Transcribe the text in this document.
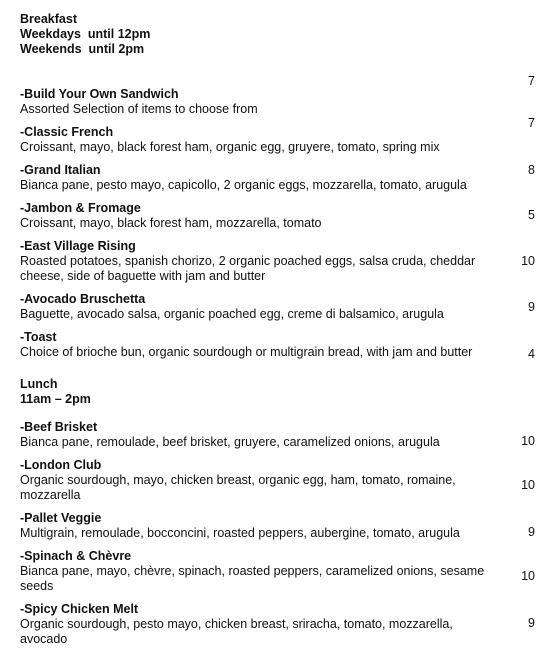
Breakfast
Weekdays  until 12pm
Weekends  until 2pm
-Build Your Own Sandwich
Assorted Selection of items to choose from
7
-Classic French
Croissant, mayo, black forest ham, organic egg, gruyere, tomato, spring mix
7
-Grand Italian
Bianca pane, pesto mayo, capicollo, 2 organic eggs, mozzarella, tomato, arugula
8
-Jambon & Fromage
Croissant, mayo, black forest ham, mozzarella, tomato
5
-East Village Rising
Roasted potatoes, spanish chorizo, 2 organic poached eggs, salsa cruda, cheddar cheese, side of baguette with jam and butter
10
-Avocado Bruschetta
Baguette, avocado salsa, organic poached egg, creme di balsamico, arugula	9
-Toast
Choice of brioche bun, organic sourdough or multigrain bread, with jam and butter	4
Lunch
11am – 2pm
-Beef Brisket
Bianca pane, remoulade, beef brisket, gruyere, caramelized onions, arugula	10
-London Club
Organic sourdough, mayo, chicken breast, organic egg, ham, tomato, romaine, mozzarella
10
-Pallet Veggie
Multigrain, remoulade, bocconcini, roasted peppers, aubergine, tomato, arugula	9
-Spinach & Chèvre
Bianca pane, mayo, chèvre, spinach, roasted peppers, caramelized onions, sesame seeds
10
-Spicy Chicken Melt
Organic sourdough, pesto mayo, chicken breast, sriracha, tomato, mozzarella, avocado
9
